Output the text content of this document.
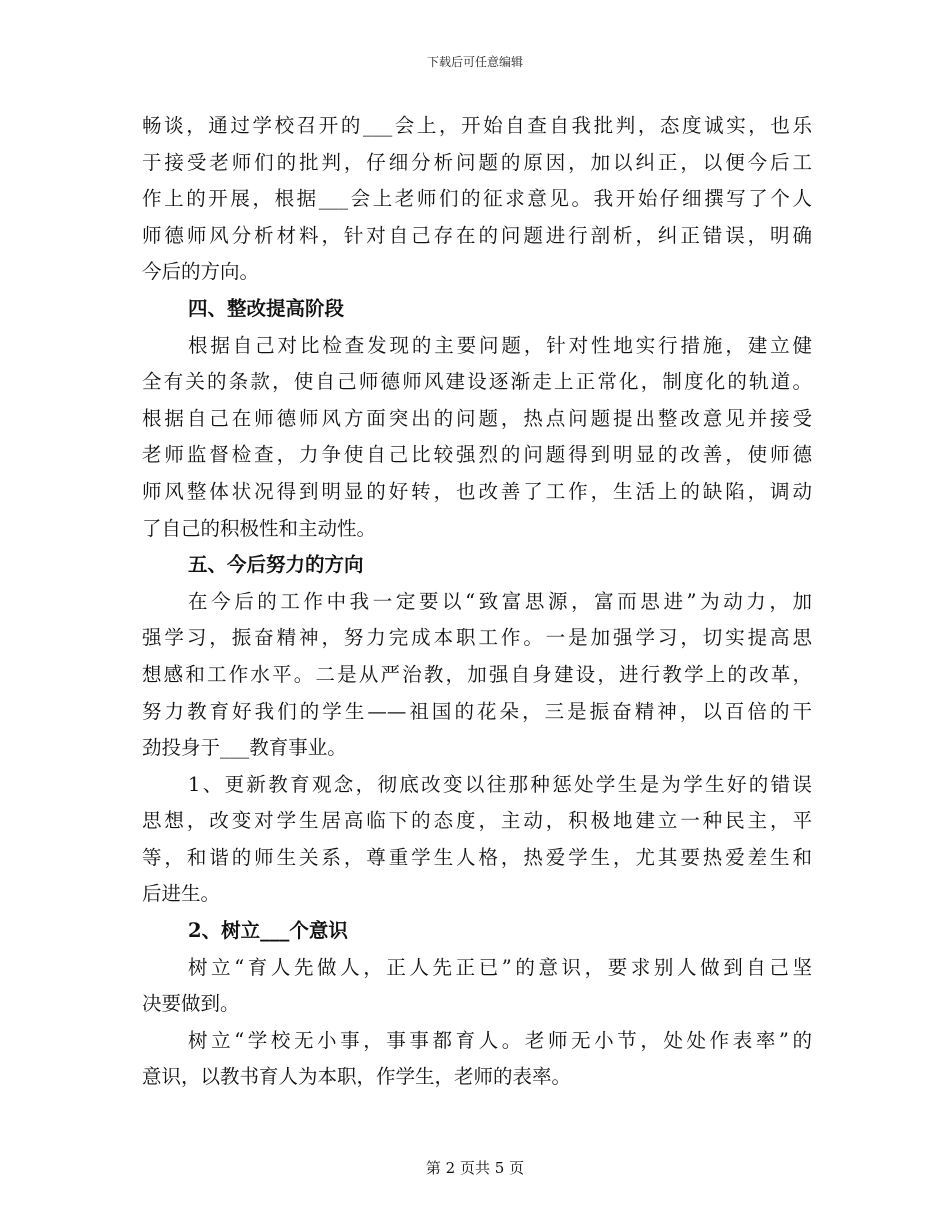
下载后可任意编辑
畅谈，通过学校召开的___会上，开始自查自我批判，态度诚实，也乐
于接受老师们的批判，仔细分析问题的原因，加以纠正，以便今后工
作上的开展，根据___会上老师们的征求意见。我开始仔细撰写了个人
师德师风分析材料，针对自己存在的问题进行剖析，纠正错误，明确
今后的方向。
四、整改提高阶段
根据自己对比检查发现的主要问题，针对性地实行措施，建立健
全有关的条款，使自己师德师风建设逐渐走上正常化，制度化的轨道。
根据自己在师德师风方面突出的问题，热点问题提出整改意见并接受
老师监督检查，力争使自己比较强烈的问题得到明显的改善，使师德
师风整体状况得到明显的好转，也改善了工作，生活上的缺陷，调动
了自己的积极性和主动性。
五、今后努力的方向
在今后的工作中我一定要以“致富思源，富而思进”为动力，加
强学习，振奋精神，努力完成本职工作。一是加强学习，切实提高思
想感和工作水平。二是从严治教，加强自身建设，进行教学上的改革，
努力教育好我们的学生——祖国的花朵，三是振奋精神，以百倍的干
劲投身于___教育事业。
1、更新教育观念，彻底改变以往那种惩处学生是为学生好的错误
思想，改变对学生居高临下的态度，主动，积极地建立一种民主，平
等，和谐的师生关系，尊重学生人格，热爱学生，尤其要热爱差生和
后进生。
2、树立___个意识
树立“育人先做人，正人先正已”的意识，要求别人做到自己坚
决要做到。
树立“学校无小事，事事都育人。老师无小节，处处作表率”的
意识，以教书育人为本职，作学生，老师的表率。
第 2 页共 5 页
